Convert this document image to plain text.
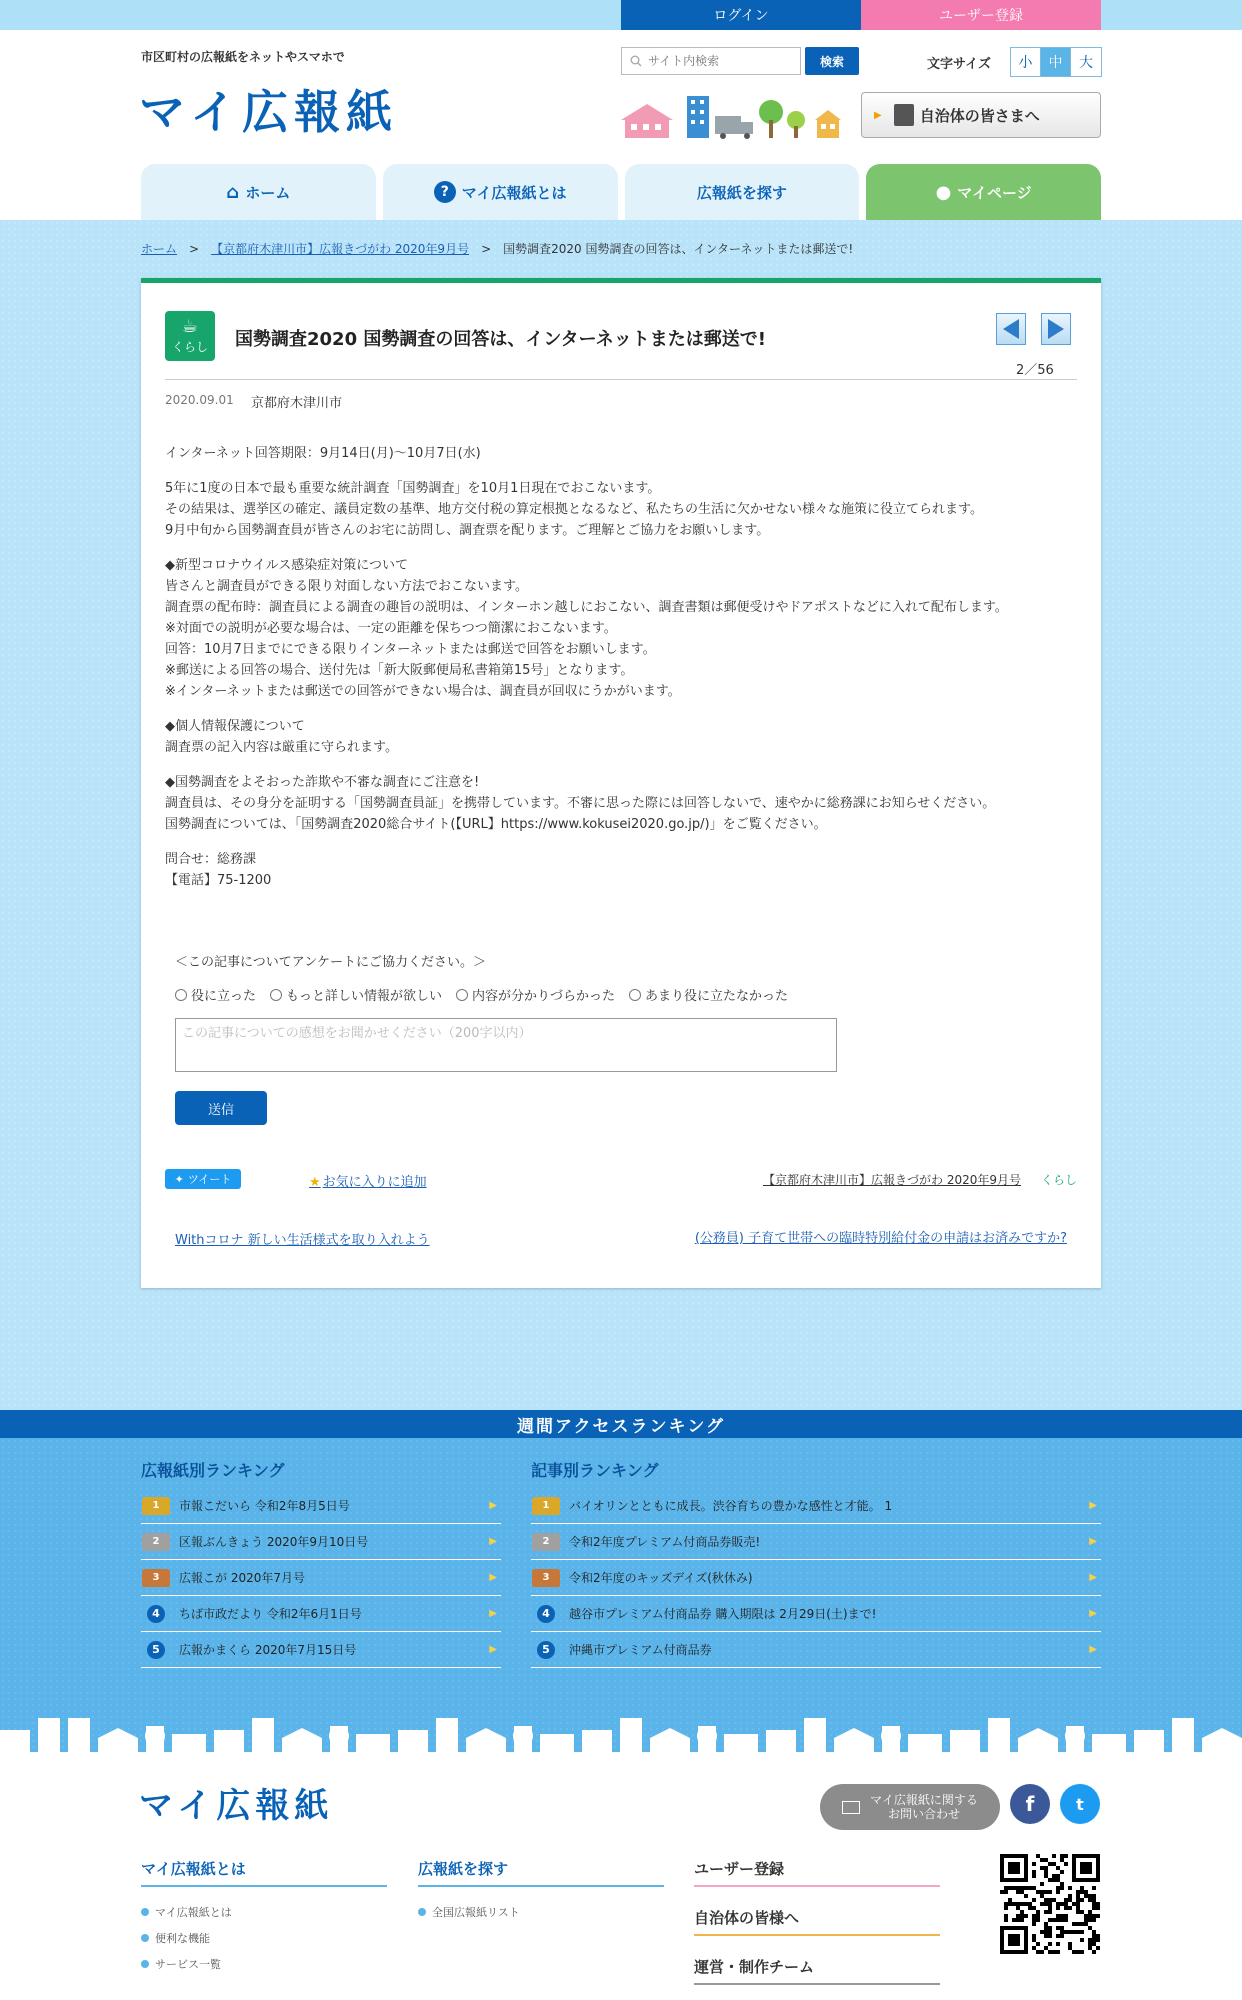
ログイン	ユーザー登録
市区町村の広報紙をネットやスマホで
マイ広報紙
サイト内検索
検索	文字サイズ	小	中	大
▶	自治体の皆さまへ
⌂ ホーム	? マイ広報紙とは	広報紙を探す	● マイページ
ホーム > 【京都府木津川市】広報きづがわ 2020年9月号 > 国勢調査2020 国勢調査の回答は、インターネットまたは郵送で!
☕
くらし 国勢調査2020 国勢調査の回答は、インターネットまたは郵送で!
2／56
2020.09.01 京都府木津川市

インターネット回答期限：9月14日(月)～10月7日(水)

5年に1度の日本で最も重要な統計調査「国勢調査」を10月1日現在でおこないます。
その結果は、選挙区の確定、議員定数の基準、地方交付税の算定根拠となるなど、私たちの生活に欠かせない様々な施策に役立てられます。
9月中旬から国勢調査員が皆さんのお宅に訪問し、調査票を配ります。ご理解とご協力をお願いします。

◆新型コロナウイルス感染症対策について
皆さんと調査員ができる限り対面しない方法でおこないます。
調査票の配布時：調査員による調査の趣旨の説明は、インターホン越しにおこない、調査書類は郵便受けやドアポストなどに入れて配布します。
※対面での説明が必要な場合は、一定の距離を保ちつつ簡潔におこないます。
回答：10月7日までにできる限りインターネットまたは郵送で回答をお願いします。
※郵送による回答の場合、送付先は「新大阪郵便局私書箱第15号」となります。
※インターネットまたは郵送での回答ができない場合は、調査員が回収にうかがいます。

◆個人情報保護について
調査票の記入内容は厳重に守られます。

◆国勢調査をよそおった詐欺や不審な調査にご注意を!
調査員は、その身分を証明する「国勢調査員証」を携帯しています。不審に思った際には回答しないで、速やかに総務課にお知らせください。
国勢調査については、「国勢調査2020総合サイト(【URL】https://www.kokusei2020.go.jp/)」をご覧ください。

問合せ：総務課
【電話】75-1200

＜この記事についてアンケートにご協力ください。＞
役に立った もっと詳しい情報が欲しい 内容が分かりづらかった あまり役に立たなかった
この記事についての感想をお聞かせください（200字以内）
送信
✦ ツイート	★ お気に入りに追加	【京都府木津川市】広報きづがわ 2020年9月号 くらし
Withコロナ 新しい生活様式を取り入れよう	(公務員) 子育て世帯への臨時特別給付金の申請はお済みですか?
週間アクセスランキング
広報紙別ランキング
1	市報こだいら 令和2年8月5日号	▶
2	区報ぶんきょう 2020年9月10日号	▶
3	広報こが 2020年7月号	▶
4	ちば市政だより 令和2年6月1日号	▶
5	広報かまくら 2020年7月15日号	▶
記事別ランキング
1	バイオリンとともに成長。渋谷育ちの豊かな感性と才能。 1	▶
2	令和2年度プレミアム付商品券販売!	▶
3	令和2年度のキッズデイズ(秋休み)	▶
4	越谷市プレミアム付商品券 購入期限は 2月29日(土)まで!	▶
5	沖縄市プレミアム付商品券	▶
マイ広報紙	マイ広報紙に関する
お問い合わせ	f	t
マイ広報紙とは
マイ広報紙とは
便利な機能
サービス一覧
広報紙を探す
全国広報紙リスト
ユーザー登録
自治体の皆様へ
運営・制作チーム
